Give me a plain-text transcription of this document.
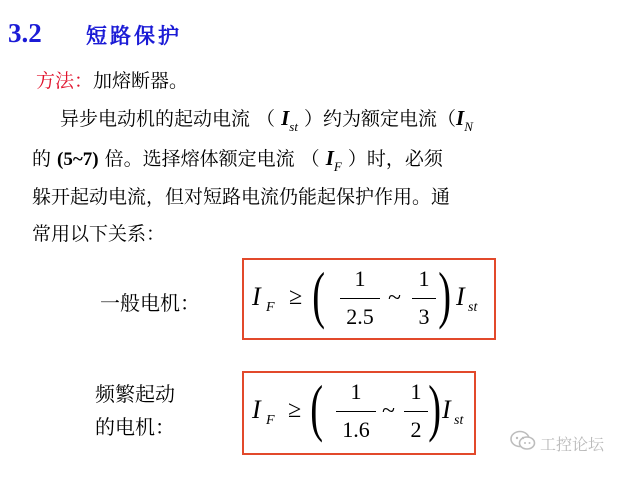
3.2 短路保护
方法：加熔断器。
异步电动机的起动电流 （ $I_{st}$ ）约为额定电流（$I_N$
的 (5~7) 倍。选择熔体额定电流 （ $I_F$ ）时，必须
躲开起动电流，但对短路电流仍能起保护作用。通
常用以下关系：
一般电机： I F ≥ (	1
2.5
~
1
3 ) I st
频繁起动
的电机：
I F ≥ (	1
1.6
~
1
2 ) I st
工控论坛
